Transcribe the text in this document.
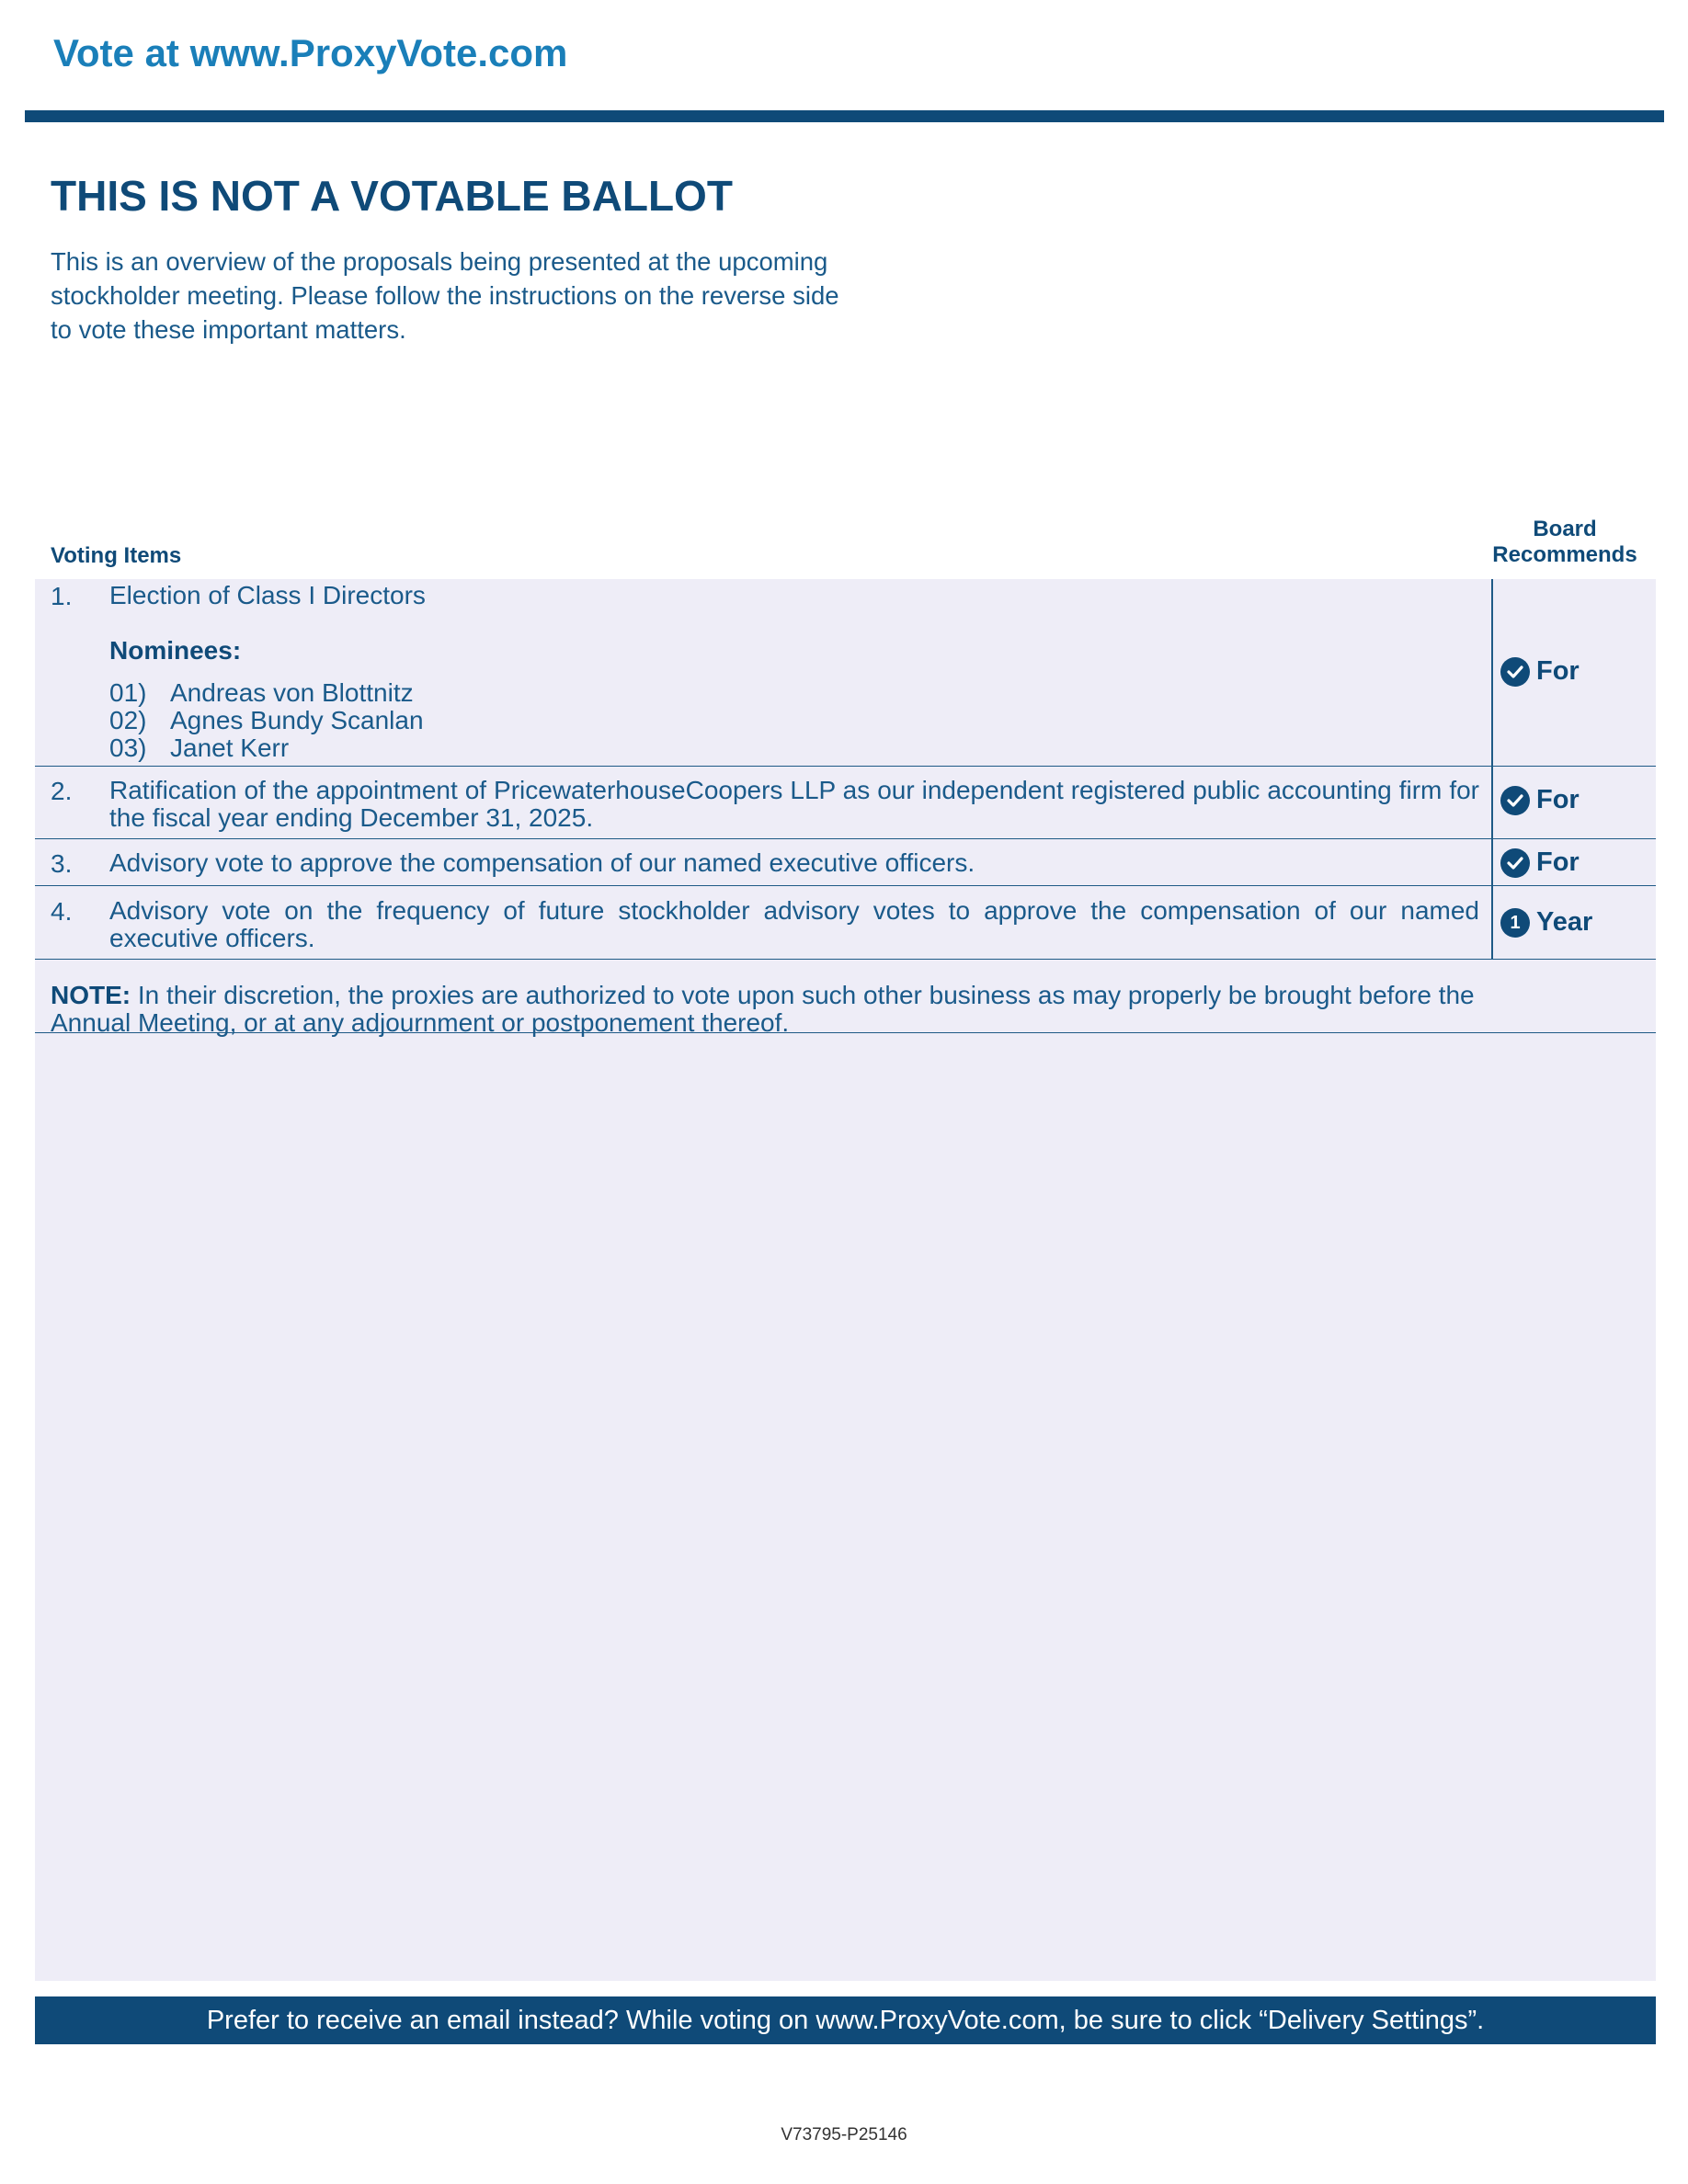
Vote at www.ProxyVote.com
THIS IS NOT A VOTABLE BALLOT

This is an overview of the proposals being presented at the upcoming stockholder meeting. Please follow the instructions on the reverse side to vote these important matters.

Voting Items
Board
Recommends
1. Election of Class I Directors
Nominees:
01) Andreas von Blottnitz
02) Agnes Bundy Scanlan
03) Janet Kerr
For
2. Ratification of the appointment of PricewaterhouseCoopers LLP as our independent registered public accounting firm for the fiscal year ending December 31, 2025.
For
3. Advisory vote to approve the compensation of our named executive officers.	For
4. Advisory vote on the frequency of future stockholder advisory votes to approve the compensation of our named executive officers.
1 Year

NOTE: In their discretion, the proxies are authorized to vote upon such other business as may properly be brought before the Annual Meeting, or at any adjournment or postponement thereof.

Prefer to receive an email instead? While voting on www.ProxyVote.com, be sure to click “Delivery Settings”.
V73795-P25146
